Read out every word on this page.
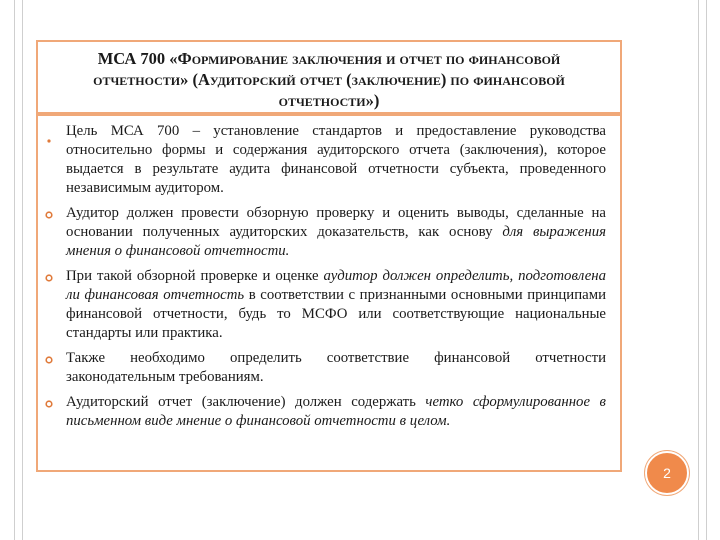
МСА 700 «Формирование заключения и отчет по финансовой
отчетности» (Аудиторский отчет (заключение) по финансовой
отчетности»)
Цель МСА 700 – установление стандартов и предоставление руководства относительно формы и содержания аудиторского отчета (заключения), которое выдается в результате аудита финансовой отчетности субъекта, проведенного независимым аудитором.
Аудитор должен провести обзорную проверку и оценить выводы, сделанные на основании полученных аудиторских доказательств, как основу для выражения мнения о финансовой отчетности.
При такой обзорной проверке и оценке аудитор должен определить, подготовлена ли финансовая отчетность в соответствии с признанными основными принципами финансовой отчетности, будь то МСФО или соответствующие национальные стандарты или практика.
Также необходимо определить соответствие финансовой отчетности законодательным требованиям.
Аудиторский отчет (заключение) должен содержать четко сформулированное в письменном виде мнение о финансовой отчетности в целом.
2
